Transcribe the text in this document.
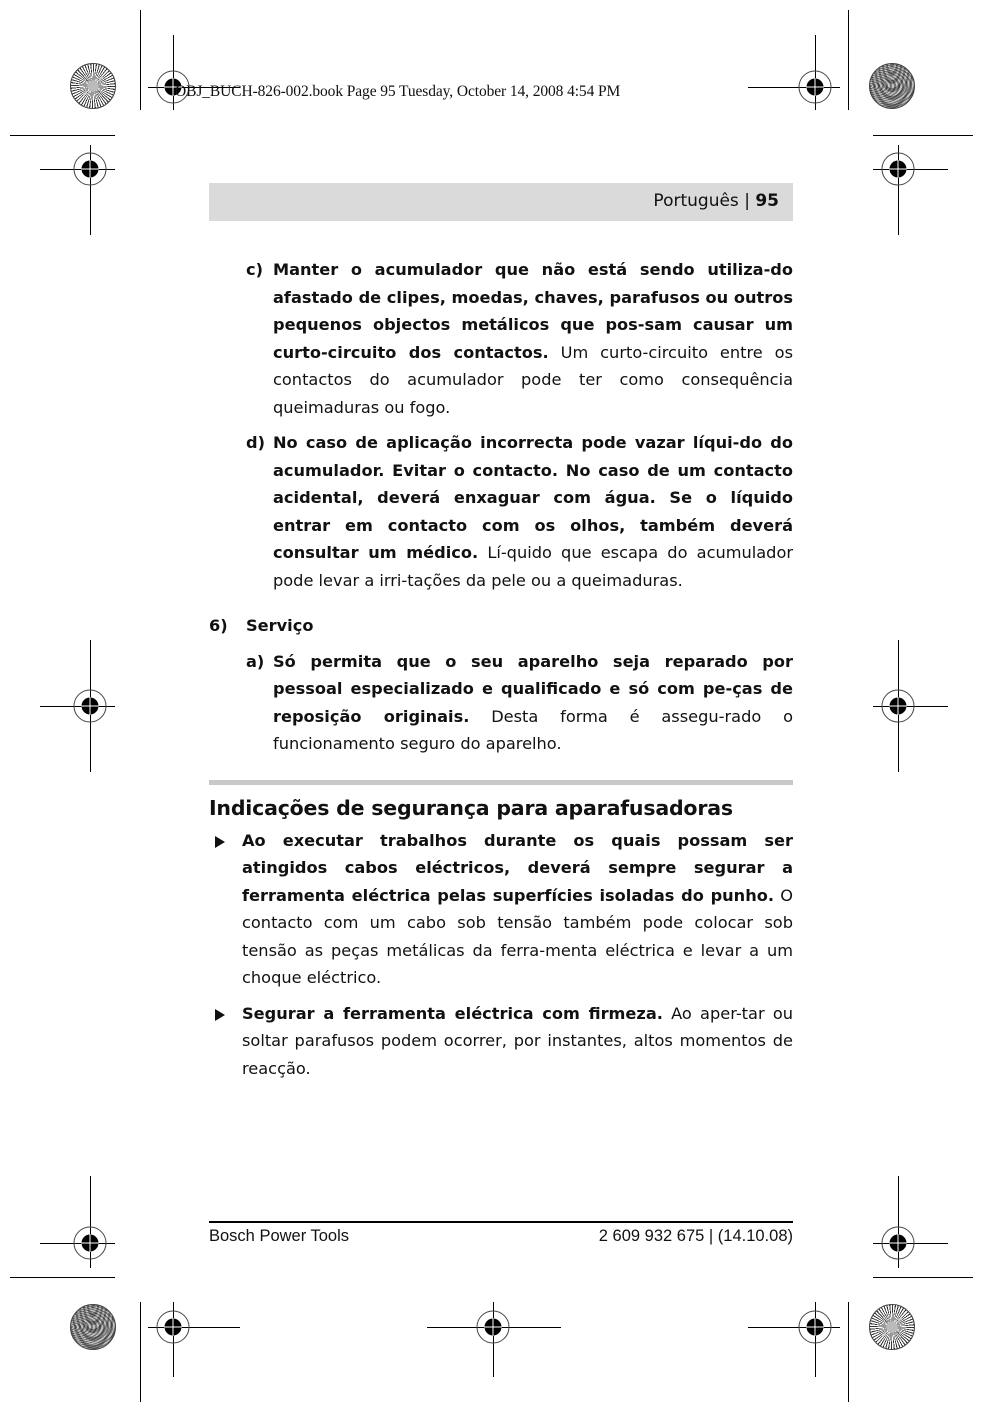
OBJ_BUCH-826-002.book Page 95 Tuesday, October 14, 2008 4:54 PM
Português | 95
c) Manter o acumulador que não está sendo utiliza-do afastado de clipes, moedas, chaves, parafusos ou outros pequenos objectos metálicos que pos-sam causar um curto-circuito dos contactos. Um curto-circuito entre os contactos do acumulador pode ter como consequência queimaduras ou fogo.

d) No caso de aplicação incorrecta pode vazar líqui-do do acumulador. Evitar o contacto. No caso de um contacto acidental, deverá enxaguar com água. Se o líquido entrar em contacto com os olhos, também deverá consultar um médico. Lí-quido que escapa do acumulador pode levar a irri-tações da pele ou a queimaduras.

6) Serviço
a) Só permita que o seu aparelho seja reparado por pessoal especializado e qualificado e só com pe-ças de reposição originais. Desta forma é assegu-rado o funcionamento seguro do aparelho.

Indicações de segurança para aparafusadoras

Ao executar trabalhos durante os quais possam ser atingidos cabos eléctricos, deverá sempre segurar a ferramenta eléctrica pelas superfícies isoladas do punho. O contacto com um cabo sob tensão também pode colocar sob tensão as peças metálicas da ferra-menta eléctrica e levar a um choque eléctrico.

Segurar a ferramenta eléctrica com firmeza. Ao aper-tar ou soltar parafusos podem ocorrer, por instantes, altos momentos de reacção.

Bosch Power Tools	2 609 932 675 | (14.10.08)
